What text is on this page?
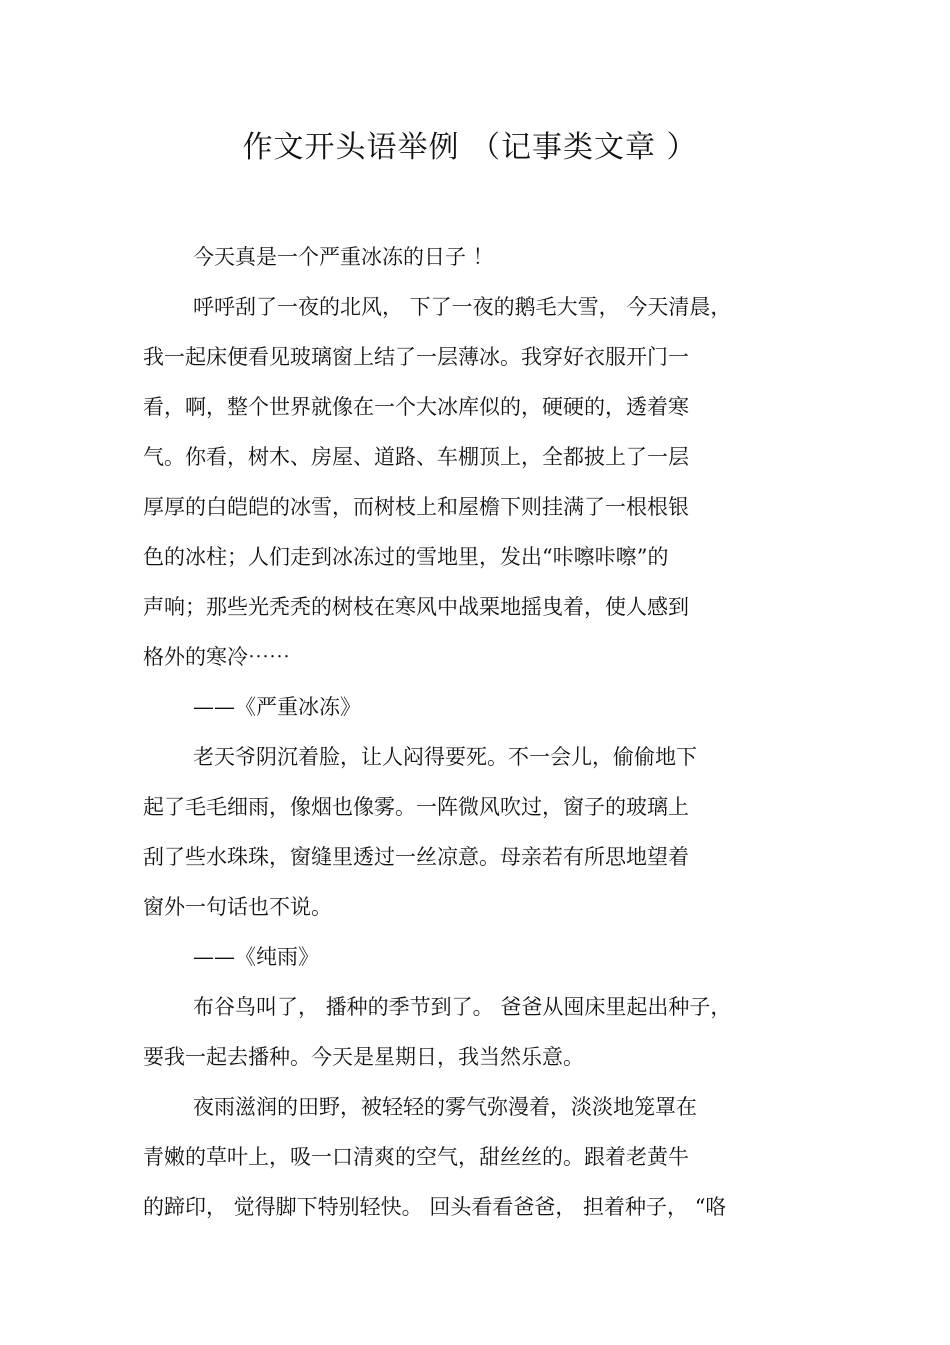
作文开头语举例 （记事类文章 ）
今天真是一个严重冰冻的日子 ！
呼呼刮了一夜的北风， 下了一夜的鹅毛大雪， 今天清晨，
我一起床便看见玻璃窗上结了一层薄冰。我穿好衣服开门一
看，啊，整个世界就像在一个大冰库似的，硬硬的，透着寒
气。你看，树木、房屋、道路、车棚顶上，全都披上了一层
厚厚的白皑皑的冰雪，而树枝上和屋檐下则挂满了一根根银
色的冰柱；人们走到冰冻过的雪地里，发出“咔嚓咔嚓”的
声响；那些光秃秃的树枝在寒风中战栗地摇曳着，使人感到
格外的寒冷⋯⋯
——《严重冰冻》
老天爷阴沉着脸，让人闷得要死。不一会儿，偷偷地下
起了毛毛细雨，像烟也像雾。一阵微风吹过，窗子的玻璃上
刮了些水珠珠，窗缝里透过一丝凉意。母亲若有所思地望着
窗外一句话也不说。
——《纯雨》
布谷鸟叫了， 播种的季节到了。 爸爸从囤床里起出种子，
要我一起去播种。今天是星期日，我当然乐意。
夜雨滋润的田野，被轻轻的雾气弥漫着，淡淡地笼罩在
青嫩的草叶上，吸一口清爽的空气，甜丝丝的。跟着老黄牛
的蹄印， 觉得脚下特别轻快。 回头看看爸爸， 担着种子， “咯
